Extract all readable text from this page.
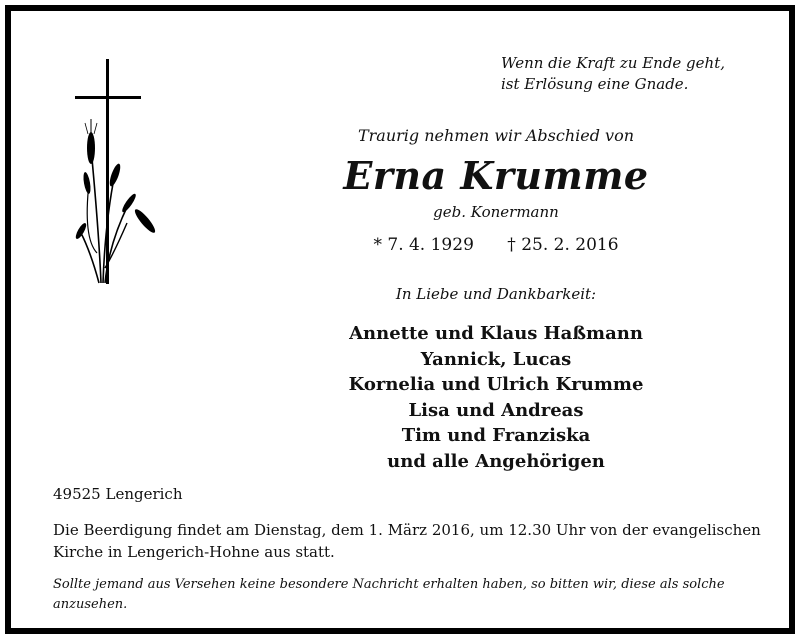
Wenn die Kraft zu Ende geht,
ist Erlösung eine Gnade.
Traurig nehmen wir Abschied von
Erna Krumme
geb. Konermann
* 7. 4. 1929 † 25. 2. 2016
In Liebe und Dankbarkeit:
Annette und Klaus Haßmann
Yannick, Lucas
Kornelia und Ulrich Krumme
Lisa und Andreas
Tim und Franziska
und alle Angehörigen
49525 Lengerich
Die Beerdigung findet am Dienstag, dem 1. März 2016, um 12.30 Uhr von der evangelischen
Kirche in Lengerich-Hohne aus statt.
Sollte jemand aus Versehen keine besondere Nachricht erhalten haben, so bitten wir, diese als solche
anzusehen.
